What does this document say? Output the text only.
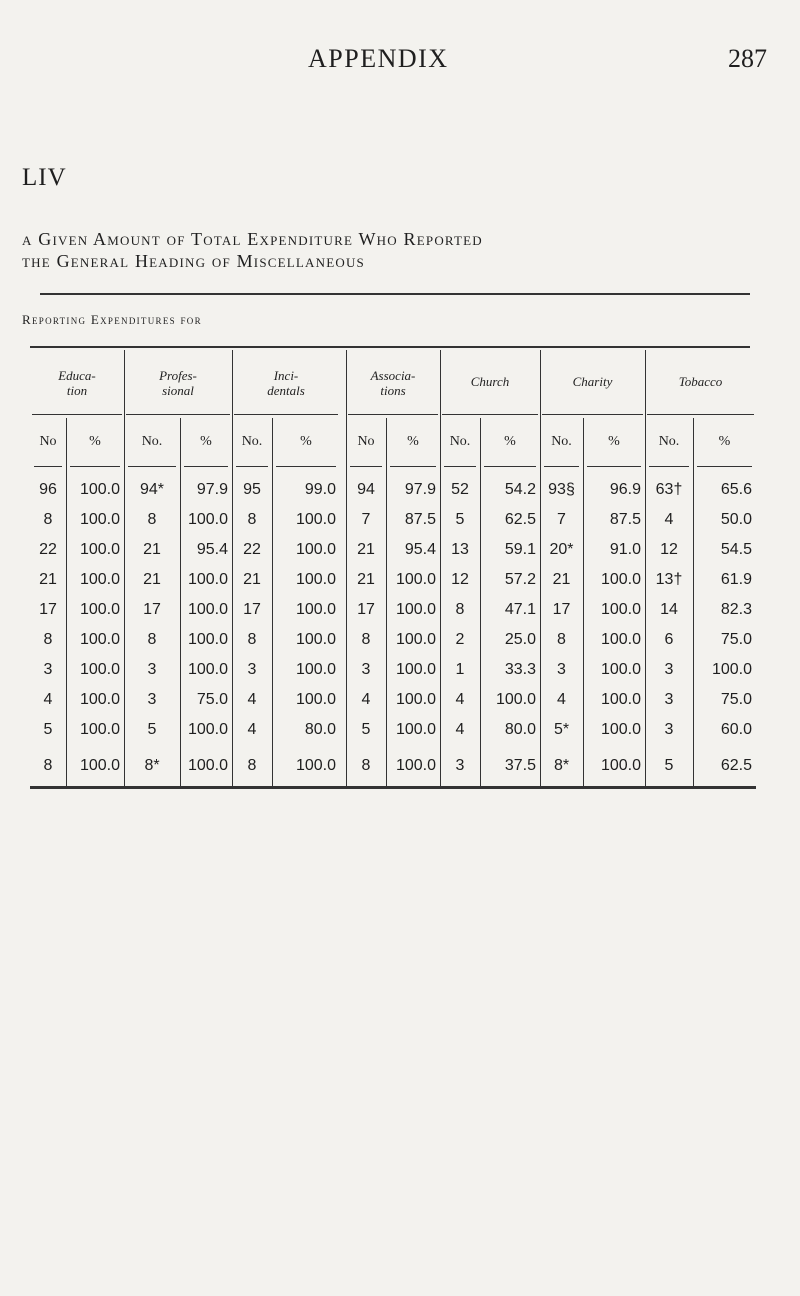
APPENDIX	287
LIV
a Given Amount of Total Expenditure Who Reported
the General Heading of Miscellaneous
Reporting Expenditures for
Educa-
tion
Profes-
sional
Inci-
dentals
Associa-
tions
Church	Charity	Tobacco
No	%	No.	%	No.	%	No	%	No.	%	No.	%	No.	%
96	100.0	94*	97.9 95	99.0	94	97.9 52	54.2 93§	96.9 63†	65.6
8	100.0	8	100.0	8	100.0	7	87.5	5	62.5	7	87.5	4	50.0
22	100.0	21	95.4 22	100.0	21	95.4 13	59.1 20*	91.0	12	54.5
21	100.0	21	100.0 21	100.0	21	100.0 12	57.2	21	100.0 13†	61.9
17	100.0	17	100.0 17	100.0	17	100.0	8	47.1	17	100.0	14	82.3
8	100.0	8	100.0	8	100.0	8	100.0	2	25.0	8	100.0	6	75.0
3	100.0	3	100.0	3	100.0	3	100.0	1	33.3	3	100.0	3	100.0
4	100.0	3	75.0	4	100.0	4	100.0	4	100.0	4	100.0	3	75.0
5	100.0	5	100.0	4	80.0	5	100.0	4	80.0	5*	100.0	3	60.0
8	100.0	8*	100.0	8	100.0	8	100.0	3	37.5	8*	100.0	5	62.5
